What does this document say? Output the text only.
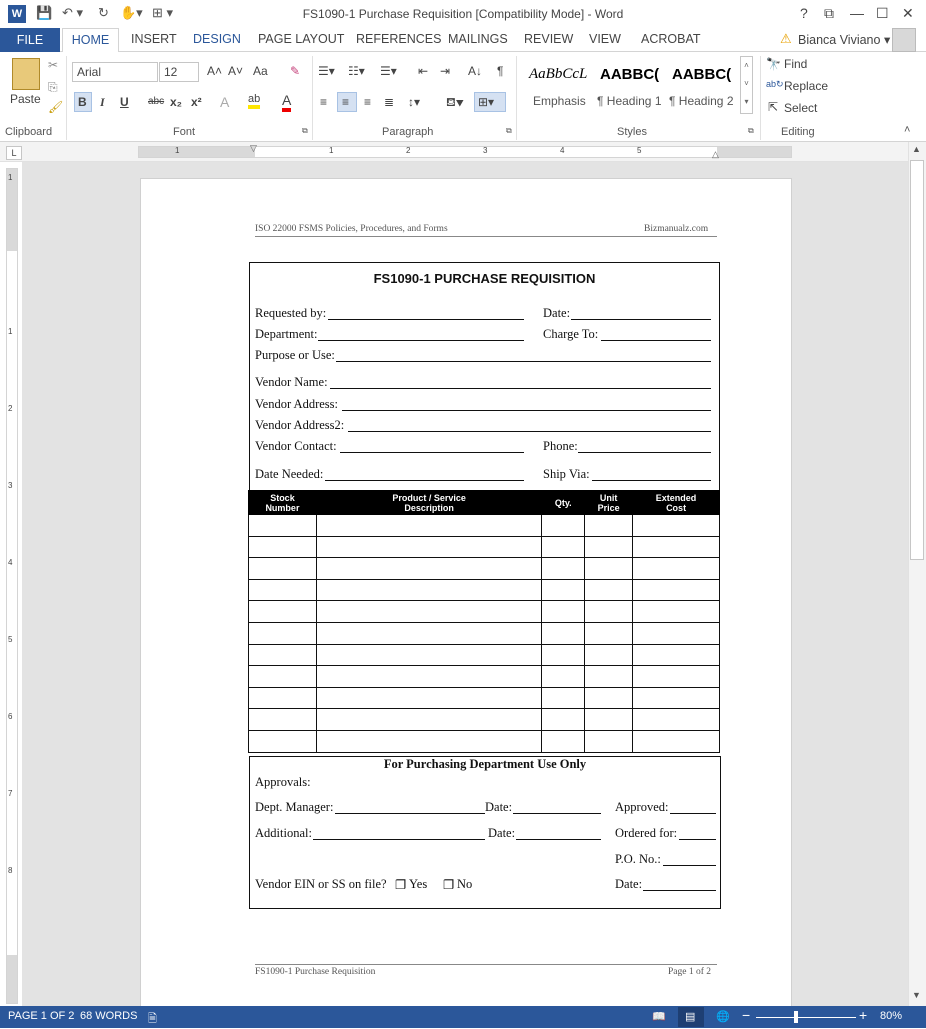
W 💾 ↶ ▾ ↻ ✋▾ ⊞ ▾	FS1090-1 Purchase Requisition [Compatibility Mode] - Word	? ⧉ — ☐ ✕
FILE	HOME	INSERT DESIGN PAGE LAYOUT REFERENCES MAILINGS REVIEW VIEW ACROBAT	⚠ Bianca Viviano ▾
Paste
✂
⎘
🖌
Clipboard
Arial	12	A˄ A˅ Aa ✎
B I U abc x₂ x² A ab A
Font	⧉
☰▾ ☷▾ ☰▾ ⇤ ⇥ A↓ ¶
≡ ≡ ≡ ≣ ↕▾ ⛾▾ ⊞▾
Paragraph	⧉
AaBbCcL
Emphasis
AABBC(
¶ Heading 1
AABBC(
¶ Heading 2
˄
˅
▾
Styles	⧉
🔭 Find
ab↻ Replace
⇱ Select
Editing	˄
L	1	1	2	3	4	5
▽
△
1
1
2
3
4
5
6
7
8
▲
▼
ISO 22000 FSMS Policies, Procedures, and Forms	Bizmanualz.com
FS1090-1 PURCHASE REQUISITION
Requested by:	Date:
Department:	Charge To:
Purpose or Use:
Vendor Name:
Vendor Address:
Vendor Address2:
Vendor Contact:	Phone:
Date Needed:	Ship Via:
Stock
Number	Product / Service
Description	Qty.	Unit
Price	Extended
Cost

For Purchasing Department Use Only
Approvals:
Dept. Manager:	Date:	Approved:
Additional:	Date:	Ordered for:
P.O. No.:
Vendor EIN or SS on file? ❐ Yes ❐ No	Date:
FS1090-1 Purchase Requisition	Page 1 of 2
PAGE 1 OF 2 68 WORDS 🗎	📖 ▤ 🌐 −	+ 80%
